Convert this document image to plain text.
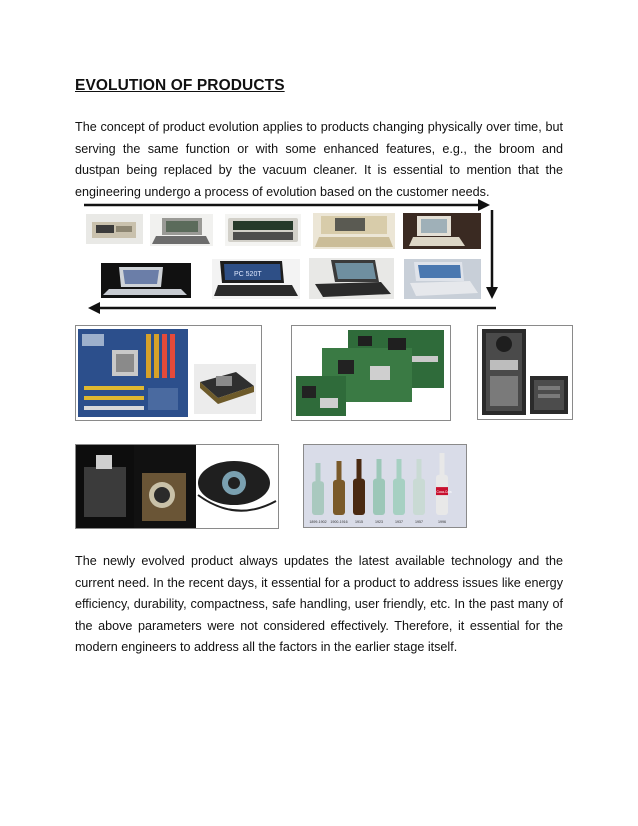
EVOLUTION OF PRODUCTS

The concept of product evolution applies to products changing physically over time, but serving the same function or with some enhanced features, e.g., the broom and dustpan being replaced by the vacuum cleaner. It is essential to mention that the engineering undergo a process of evolution based on the customer needs.

PC 520T
1899-1902 1900-1916 1915	1923	1937	1957
Coca-Cola
1996

The newly evolved product always updates the latest available technology and the current need. In the recent days, it essential for a product to address issues like energy efficiency, durability, compactness, safe handling, user friendly, etc. In the past many of the above parameters were not considered effectively. Therefore, it essential for the modern engineers to address all the factors in the earlier stage itself.
